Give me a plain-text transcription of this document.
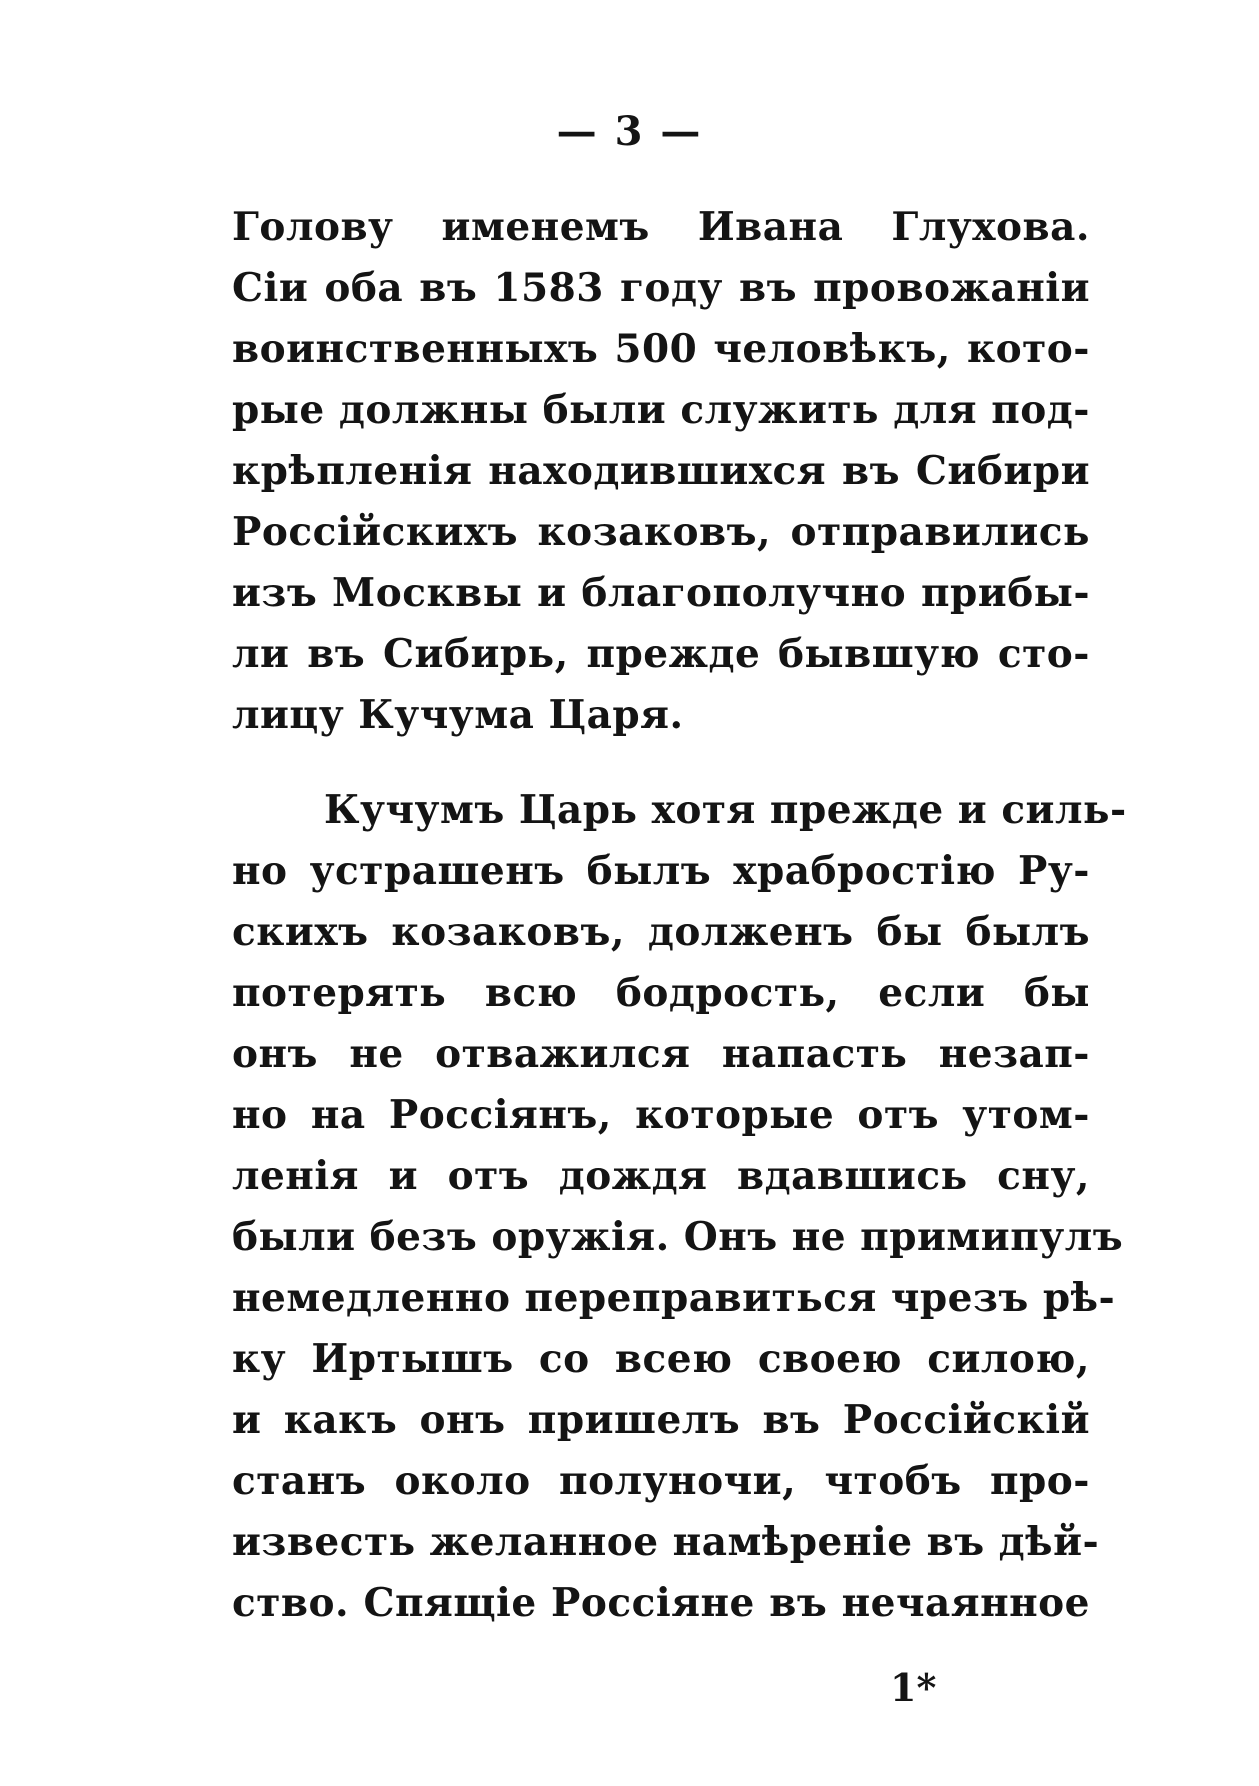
— 3 —
Голову именемъ Ивана Глухова.
Сіи оба въ 1583 году въ провожаніи
воинственныхъ 500 человѣкъ, кото-
рые должны были служить для под-
крѣпленія находившихся въ Сибири
Россійскихъ козаковъ, отправились
изъ Москвы и благополучно прибы-
ли въ Сибирь, прежде бывшую сто-
лицу Кучума Царя.
Кучумъ Царь хотя прежде и силь-
но устрашенъ былъ храбростію Ру-
скихъ козаковъ, долженъ бы былъ
потерять всю бодрость, если бы
онъ не отважился напасть незап-
но на Россіянъ, которые отъ утом-
ленія и отъ дождя вдавшись сну,
были безъ оружія. Онъ не примипулъ
немедленно переправиться чрезъ рѣ-
ку Иртышъ со всею своею силою,
и какъ онъ пришелъ въ Россійскій
станъ около полуночи, чтобъ про-
известь желанное намѣреніе въ дѣй-
ство. Спящіе Россіяне въ нечаянное
1*
